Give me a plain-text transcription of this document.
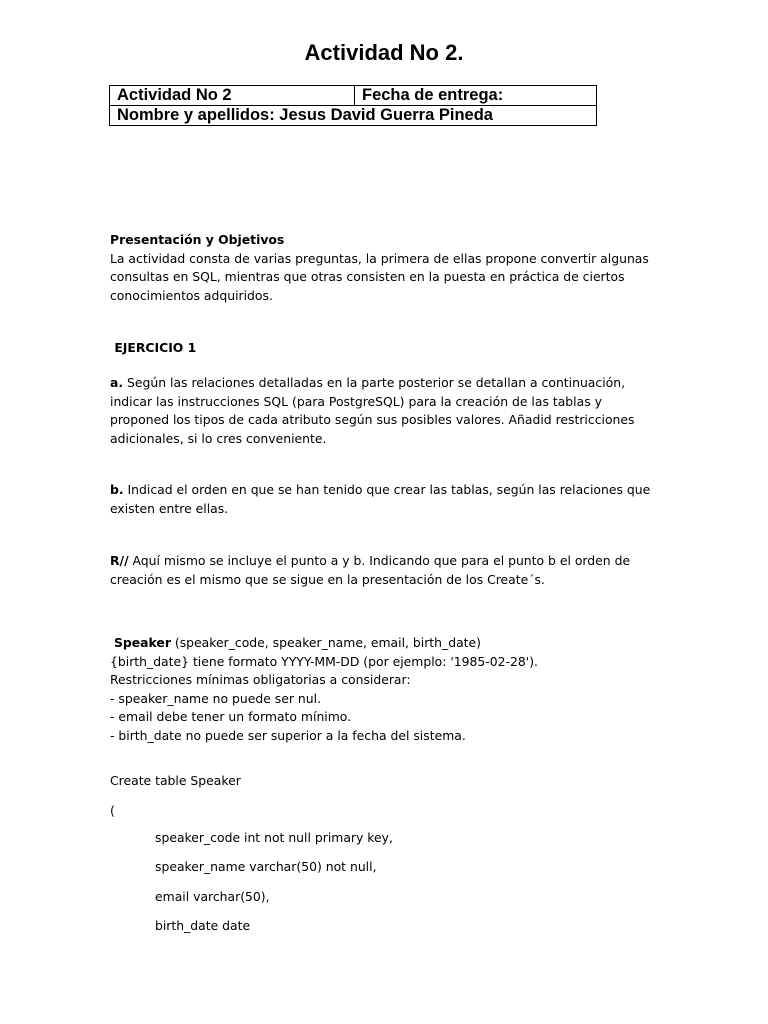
Actividad No 2.
Actividad No 2	Fecha de entrega:
Nombre y apellidos: Jesus David Guerra Pineda

Presentación y Objetivos

La actividad consta de varias preguntas, la primera de ellas propone convertir algunas

consultas en SQL, mientras que otras consisten en la puesta en práctica de ciertos

conocimientos adquiridos.

EJERCICIO 1

a. Según las relaciones detalladas en la parte posterior se detallan a continuación,

indicar las instrucciones SQL (para PostgreSQL) para la creación de las tablas y

proponed los tipos de cada atributo según sus posibles valores. Añadid restricciones

adicionales, si lo cres conveniente.

b. Indicad el orden en que se han tenido que crear las tablas, según las relaciones que

existen entre ellas.

R// Aquí mismo se incluye el punto a y b. Indicando que para el punto b el orden de

creación es el mismo que se sigue en la presentación de los Create´s.

Speaker (speaker_code, speaker_name, email, birth_date)

{birth_date} tiene formato YYYY-MM-DD (por ejemplo: '1985-02-28').

Restricciones mínimas obligatorias a considerar:

- speaker_name no puede ser nul.

- email debe tener un formato mínimo.

- birth_date no puede ser superior a la fecha del sistema.

Create table Speaker
(
speaker_code int not null primary key,
speaker_name varchar(50) not null,
email varchar(50),
birth_date date
